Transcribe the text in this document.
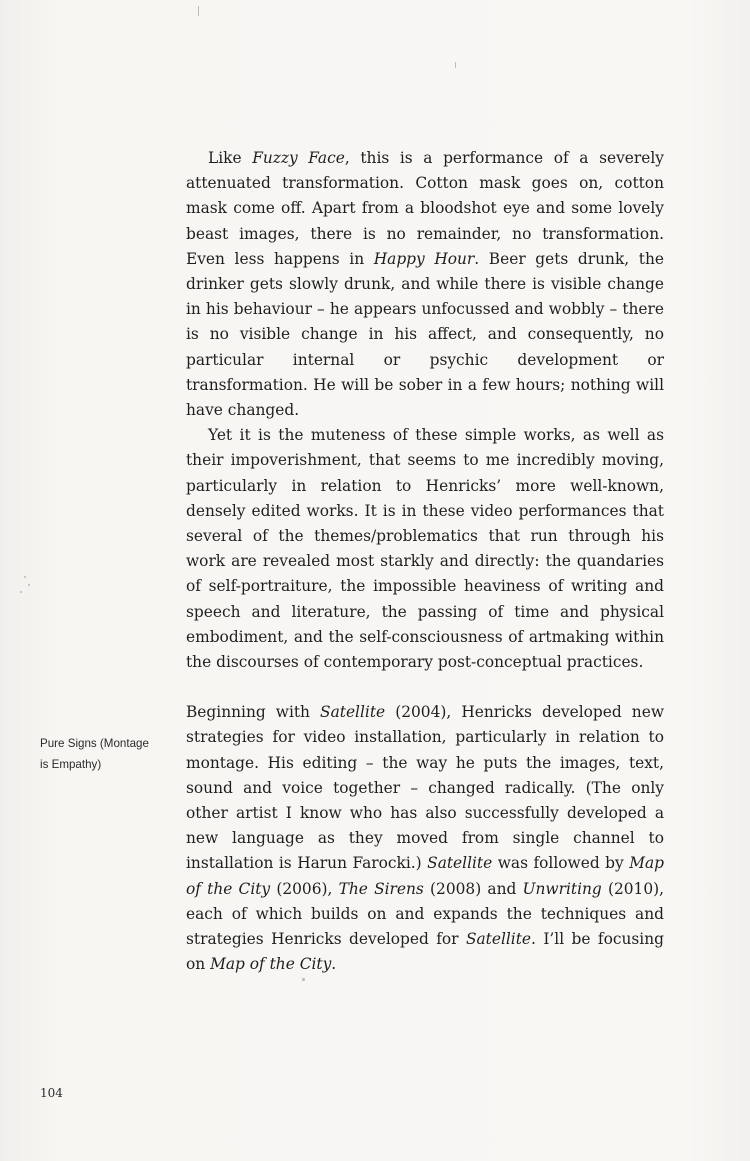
Like Fuzzy Face, this is a performance of a severely attenuated transformation. Cotton mask goes on, cotton mask come off. Apart from a bloodshot eye and some lovely beast images, there is no remainder, no transformation. Even less happens in Happy Hour. Beer gets drunk, the drinker gets slowly drunk, and while there is visible change in his behaviour – he appears unfocussed and wobbly – there is no visible change in his affect, and consequently, no particular internal or psychic development or transformation. He will be sober in a few hours; nothing will have changed.

Yet it is the muteness of these simple works, as well as their impoverishment, that seems to me incredibly moving, particularly in relation to Henricks’ more well-known, densely edited works. It is in these video performances that several of the themes/problematics that run through his work are revealed most starkly and directly: the quandaries of self-portraiture, the impossible heaviness of writing and speech and literature, the passing of time and physical embodiment, and the self-consciousness of artmaking within the discourses of contemporary post-conceptual practices.

Beginning with Satellite (2004), Henricks developed new strategies for video installation, particularly in relation to montage. His editing – the way he puts the images, text, sound and voice together – changed radically. (The only other artist I know who has also successfully developed a new language as they moved from single channel to installation is Harun Farocki.) Satellite was followed by Map of the City (2006), The Sirens (2008) and Unwriting (2010), each of which builds on and expands the techniques and strategies Henricks developed for Satellite. I’ll be focusing on Map of the City.

Pure Signs (Montage
is Empathy)
104
